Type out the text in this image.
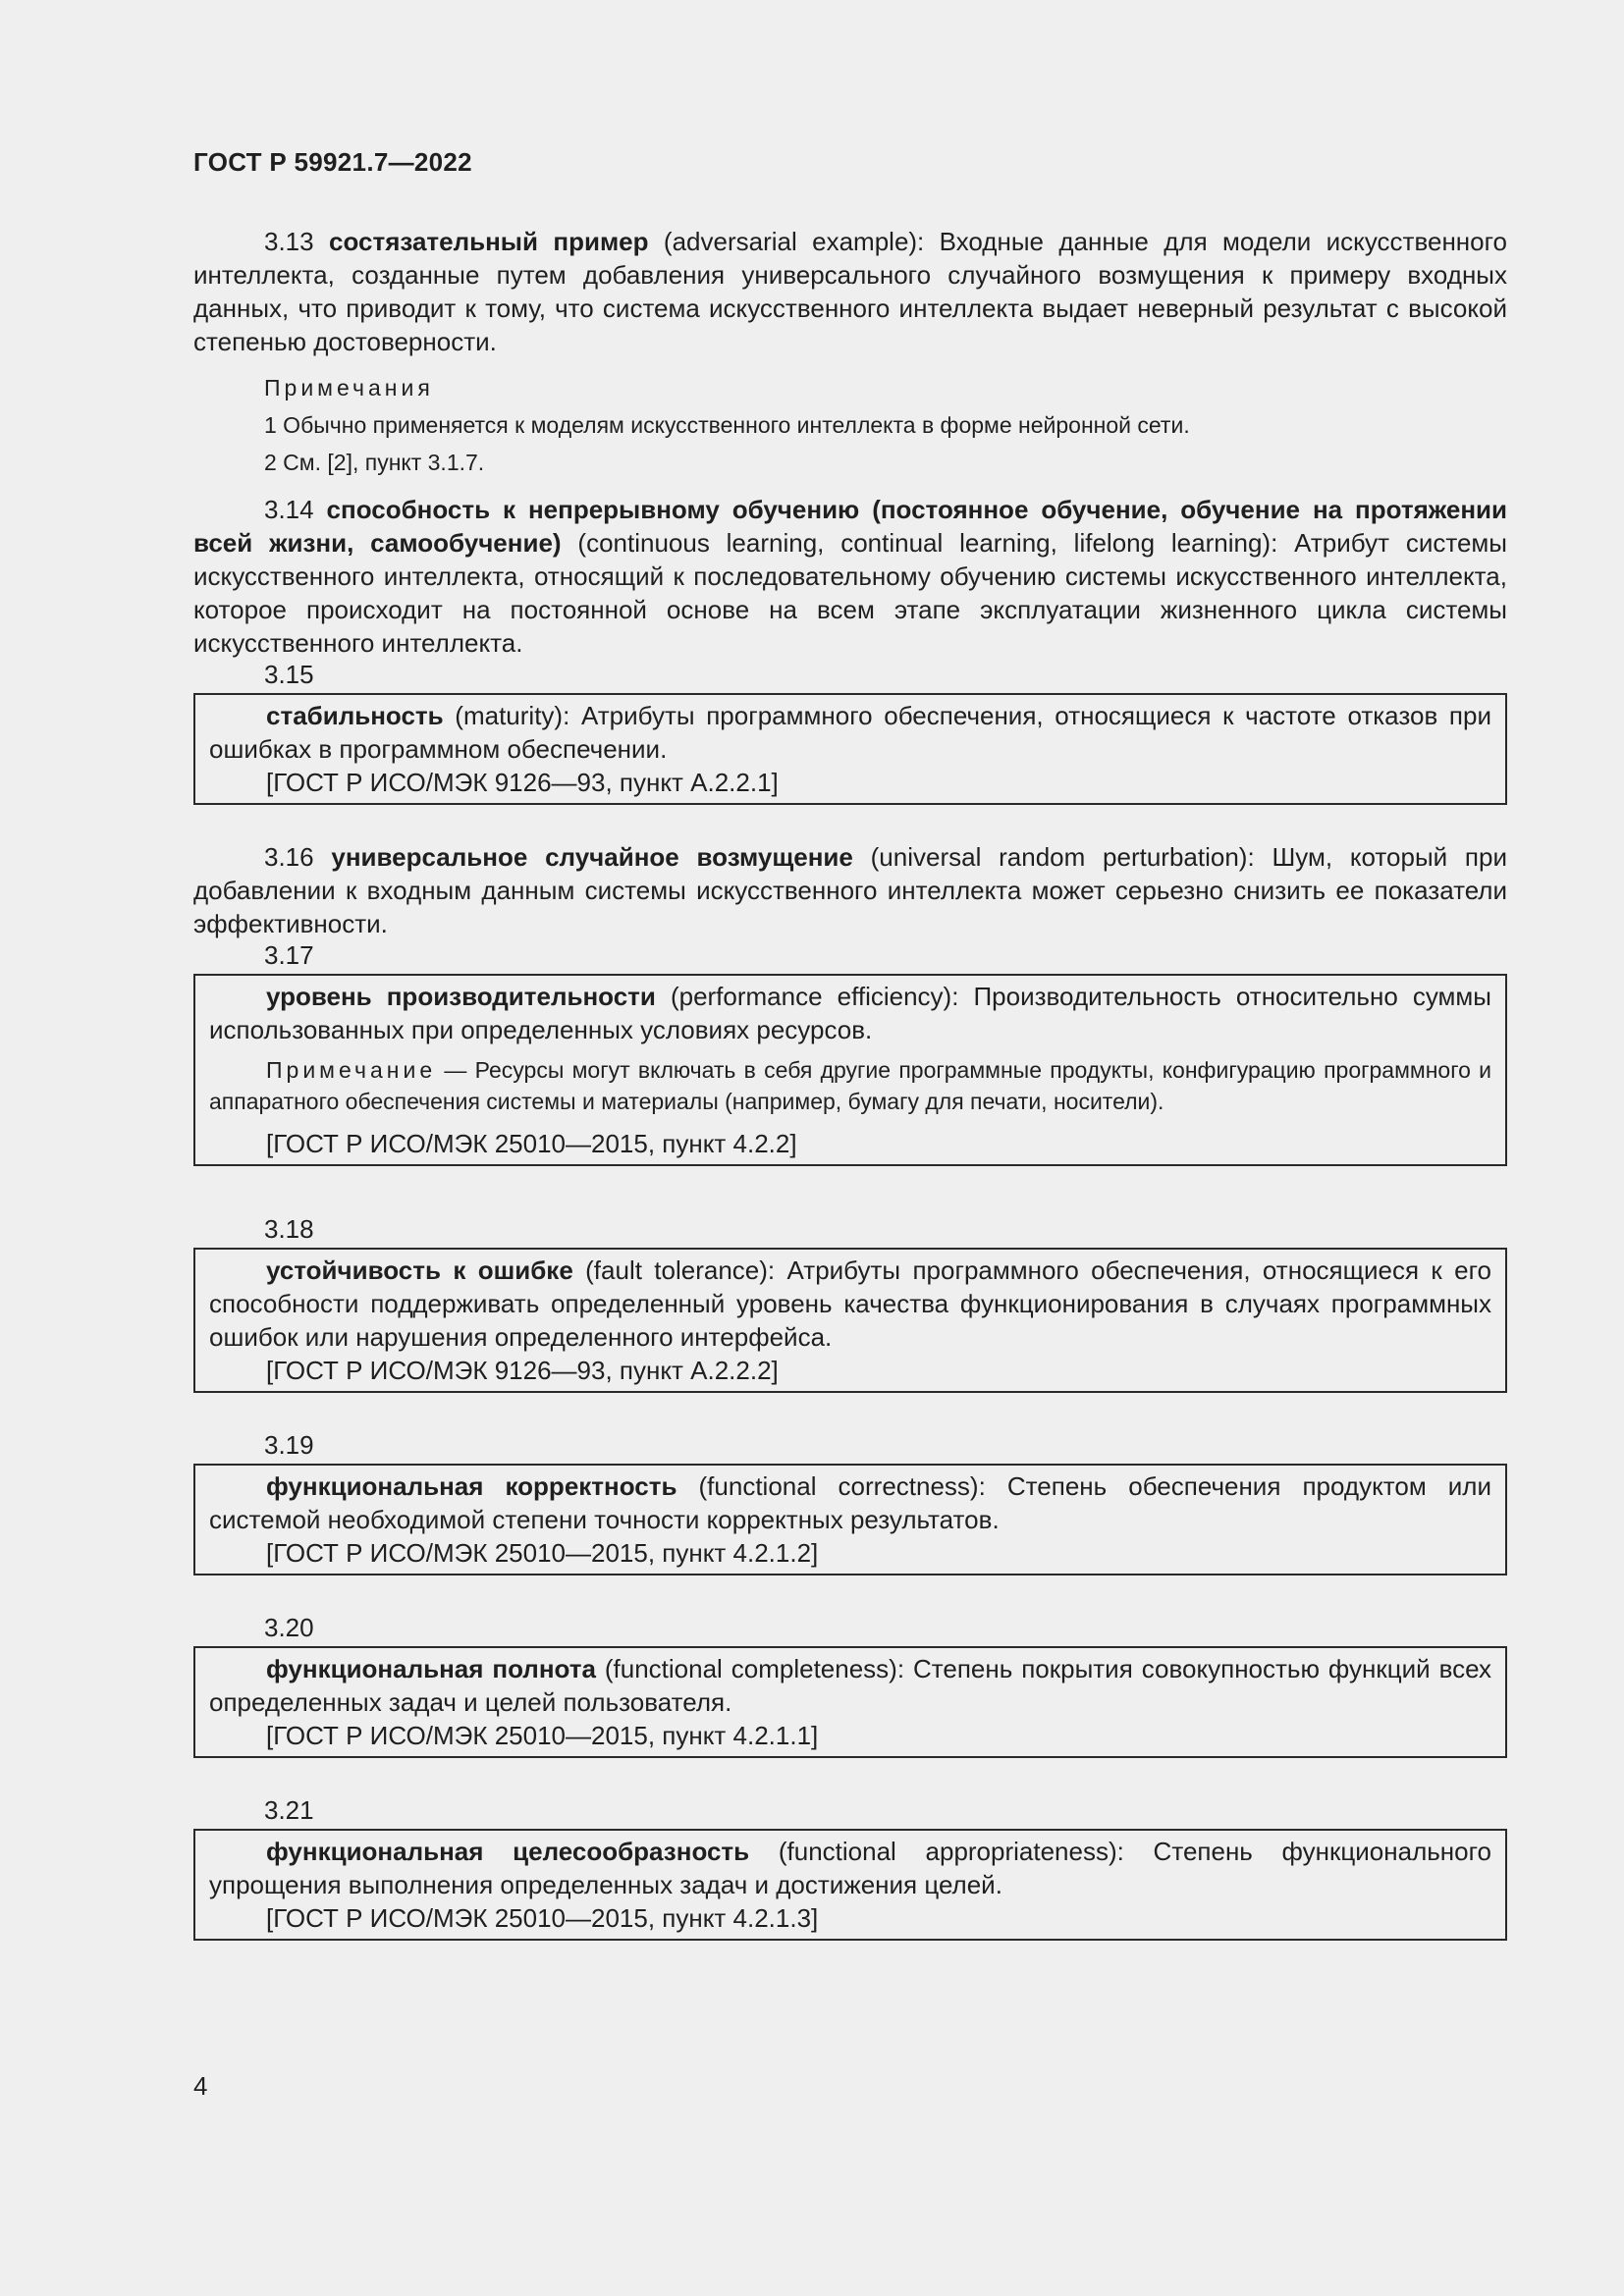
ГОСТ Р 59921.7—2022

3.13 состязательный пример (adversarial example): Входные данные для модели искусственного интеллекта, созданные путем добавления универсального случайного возмущения к примеру входных данных, что приводит к тому, что система искусственного интеллекта выдает неверный результат с высокой степенью достоверности.

Примечания

1 Обычно применяется к моделям искусственного интеллекта в форме нейронной сети.

2 См. [2], пункт 3.1.7.

3.14 способность к непрерывному обучению (постоянное обучение, обучение на протяжении всей жизни, самообучение) (continuous learning, continual learning, lifelong learning): Атрибут системы искусственного интеллекта, относящий к последовательному обучению системы искусственного интеллекта, которое происходит на постоянной основе на всем этапе эксплуатации жизненного цикла системы искусственного интеллекта.

3.15

стабильность (maturity): Атрибуты программного обеспечения, относящиеся к частоте отказов при ошибках в программном обеспечении.

[ГОСТ Р ИСО/МЭК 9126—93, пункт А.2.2.1]

3.16 универсальное случайное возмущение (universal random perturbation): Шум, который при добавлении к входным данным системы искусственного интеллекта может серьезно снизить ее показатели эффективности.

3.17

уровень производительности (performance efficiency): Производительность относительно суммы использованных при определенных условиях ресурсов.

Примечание — Ресурсы могут включать в себя другие программные продукты, конфигурацию программного и аппаратного обеспечения системы и материалы (например, бумагу для печати, носители).

[ГОСТ Р ИСО/МЭК 25010—2015, пункт 4.2.2]

3.18

устойчивость к ошибке (fault tolerance): Атрибуты программного обеспечения, относящиеся к его способности поддерживать определенный уровень качества функционирования в случаях программных ошибок или нарушения определенного интерфейса.

[ГОСТ Р ИСО/МЭК 9126—93, пункт А.2.2.2]

3.19

функциональная корректность (functional correctness): Степень обеспечения продуктом или системой необходимой степени точности корректных результатов.

[ГОСТ Р ИСО/МЭК 25010—2015, пункт 4.2.1.2]

3.20

функциональная полнота (functional completeness): Степень покрытия совокупностью функций всех определенных задач и целей пользователя.

[ГОСТ Р ИСО/МЭК 25010—2015, пункт 4.2.1.1]

3.21

функциональная целесообразность (functional appropriateness): Степень функционального упрощения выполнения определенных задач и достижения целей.

[ГОСТ Р ИСО/МЭК 25010—2015, пункт 4.2.1.3]

4
